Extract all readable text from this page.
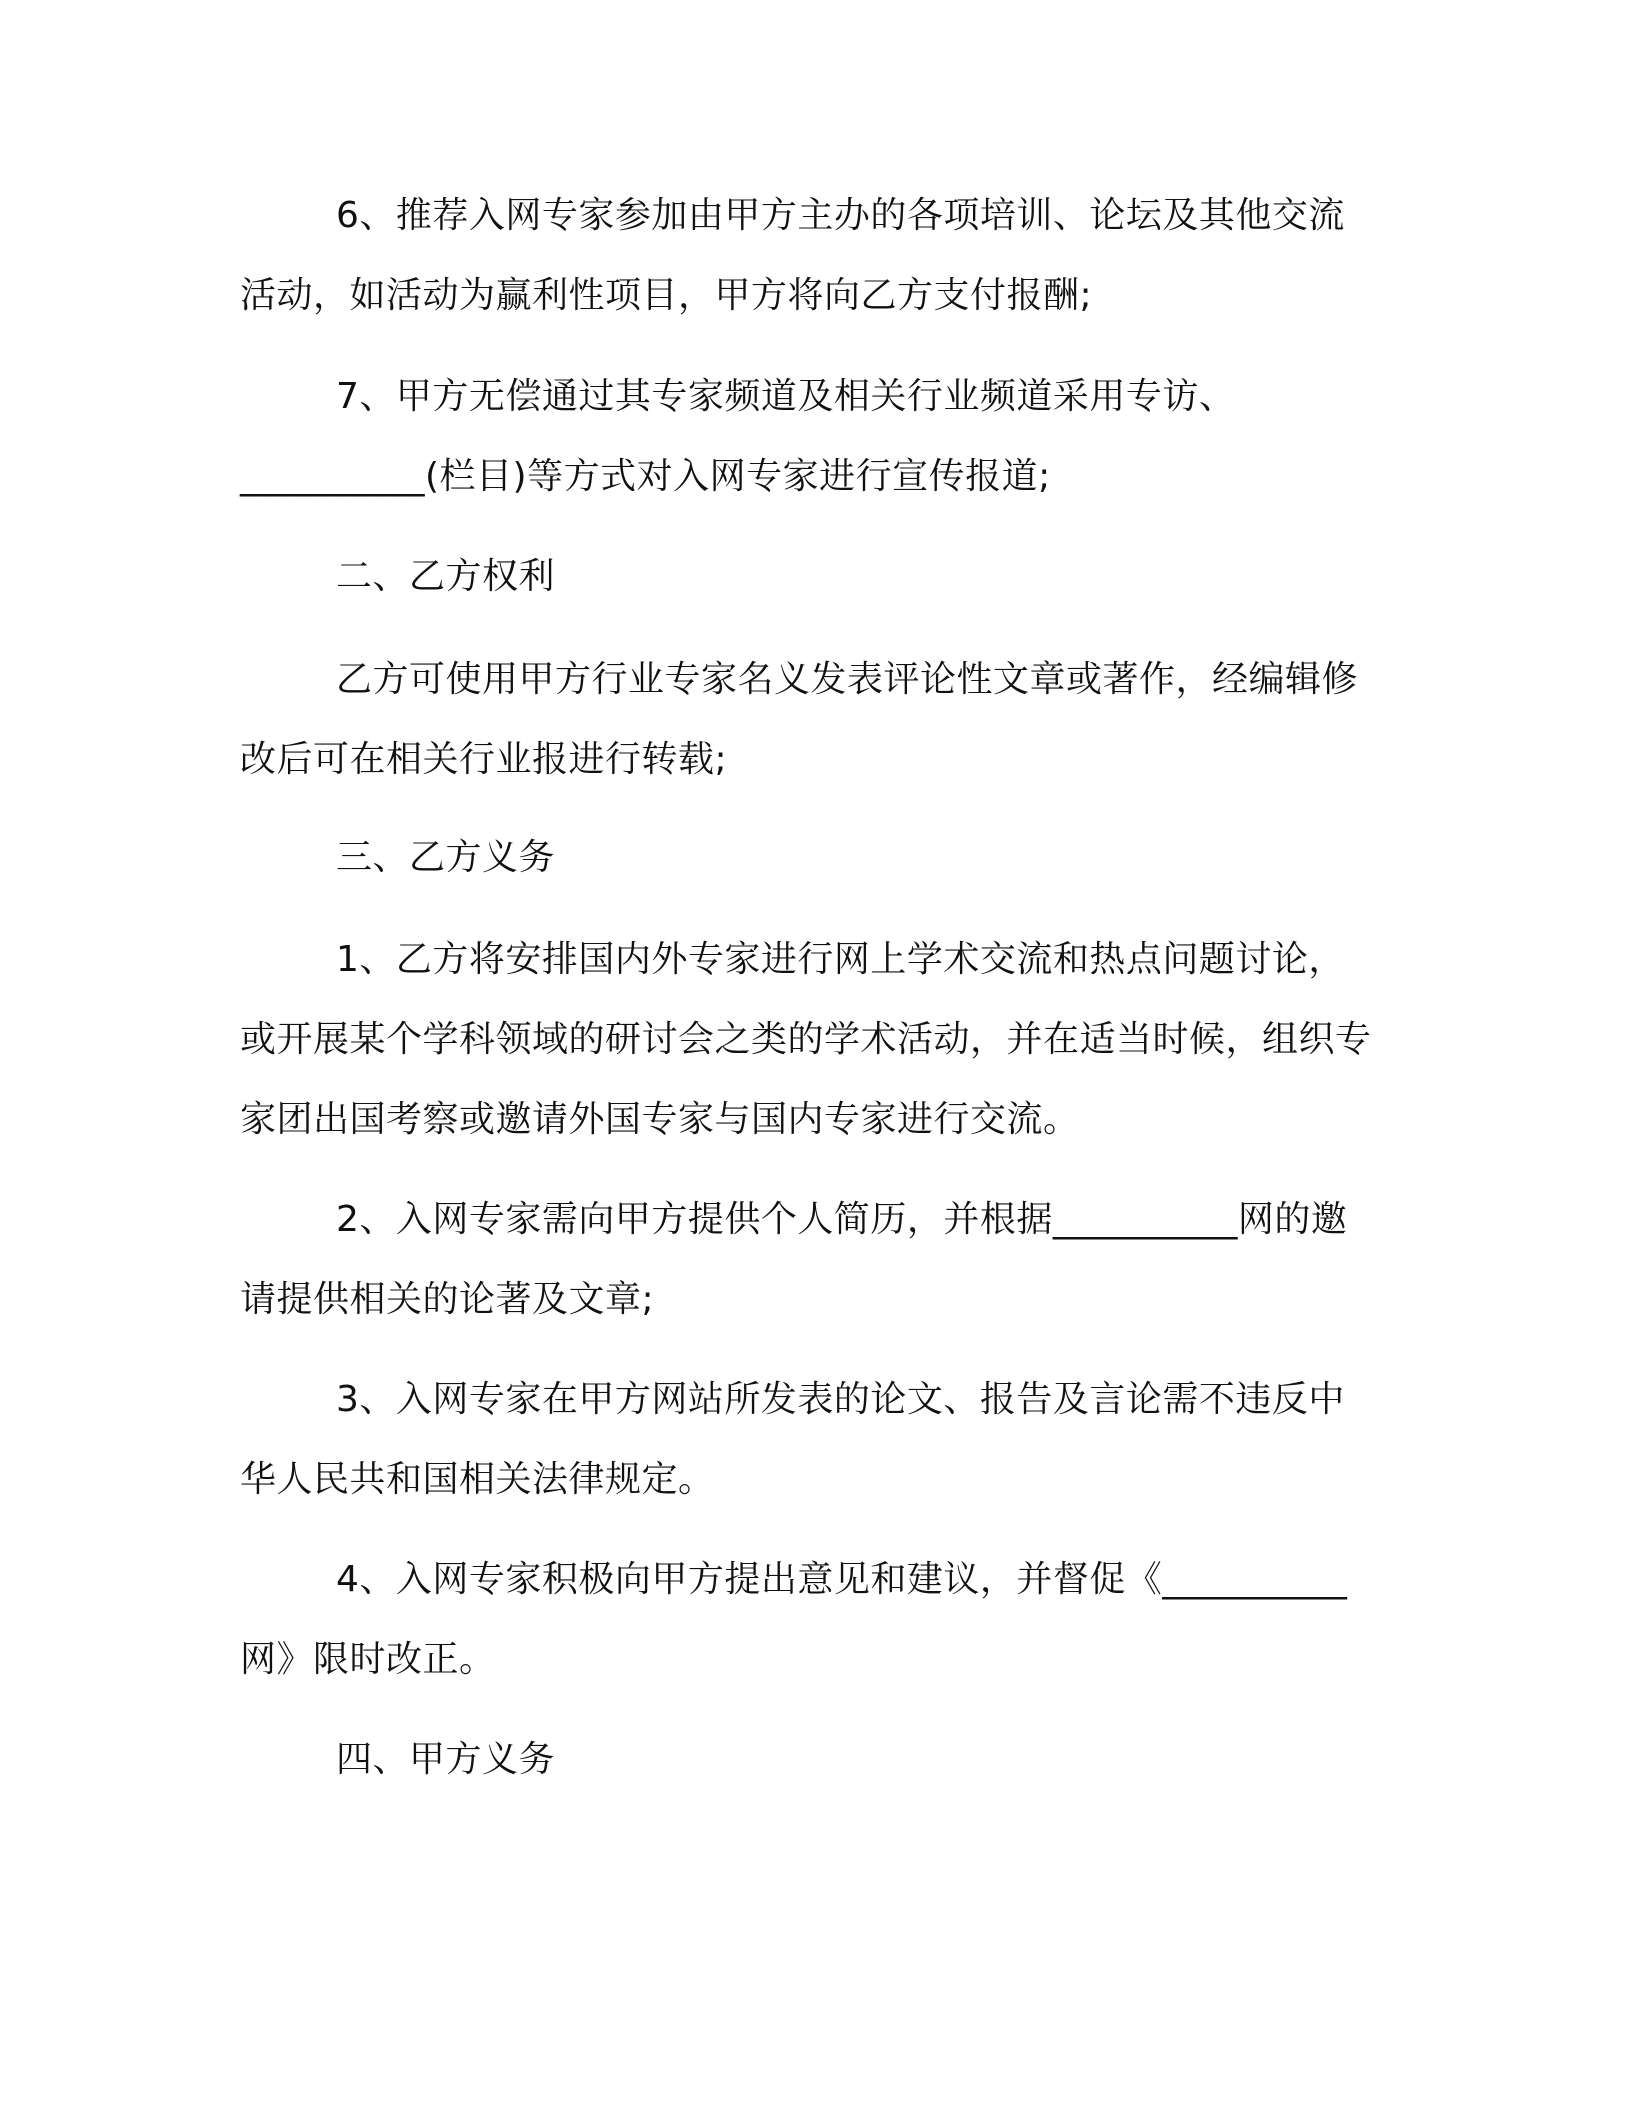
6、推荐入网专家参加由甲方主办的各项培训、论坛及其他交流活动，如活动为赢利性项目，甲方将向乙方支付报酬;

7、甲方无偿通过其专家频道及相关行业频道采用专访、__________(栏目)等方式对入网专家进行宣传报道;

二、乙方权利

乙方可使用甲方行业专家名义发表评论性文章或著作，经编辑修改后可在相关行业报进行转载;

三、乙方义务

1、乙方将安排国内外专家进行网上学术交流和热点问题讨论，或开展某个学科领域的研讨会之类的学术活动，并在适当时候，组织专家团出国考察或邀请外国专家与国内专家进行交流。

2、入网专家需向甲方提供个人简历，并根据__________网的邀请提供相关的论著及文章;

3、入网专家在甲方网站所发表的论文、报告及言论需不违反中华人民共和国相关法律规定。

4、入网专家积极向甲方提出意见和建议，并督促《__________网》限时改正。

四、甲方义务
